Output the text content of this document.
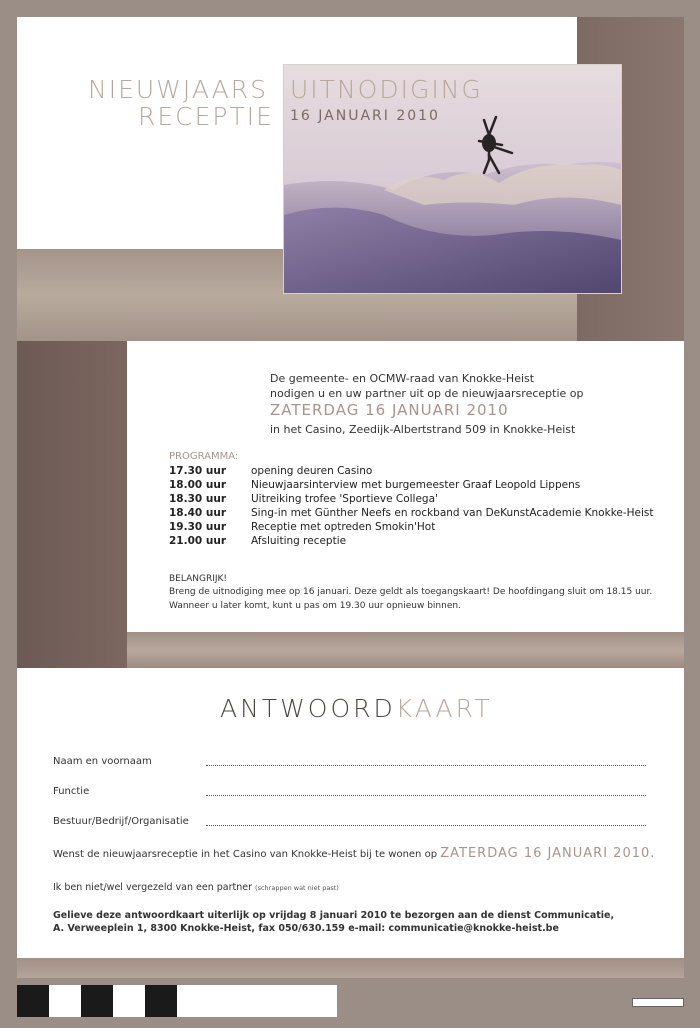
NIEUWJAARS
RECEPTIE
UITNODIGING
16 JANUARI 2010
De gemeente- en OCMW-raad van Knokke-Heist
nodigen u en uw partner uit op de nieuwjaarsreceptie op
ZATERDAG 16 JANUARI 2010
in het Casino, Zeedijk-Albertstrand 509 in Knokke-Heist
PROGRAMMA:
17.30 uur opening deuren Casino
18.00 uur Nieuwjaarsinterview met burgemeester Graaf Leopold Lippens
18.30 uur Uitreiking trofee 'Sportieve Collega'
18.40 uur Sing-in met Günther Neefs en rockband van DeKunstAcademie Knokke-Heist
19.30 uur Receptie met optreden Smokin'Hot
21.00 uur Afsluiting receptie
BELANGRIJK!
Breng de uitnodiging mee op 16 januari. Deze geldt als toegangskaart! De hoofdingang sluit om 18.15 uur.
Wanneer u later komt, kunt u pas om 19.30 uur opnieuw binnen.
ANTWOORDKAART
Naam en voornaam
Functie
Bestuur/Bedrijf/Organisatie
Wenst de nieuwjaarsreceptie in het Casino van Knokke-Heist bij te wonen op ZATERDAG 16 JANUARI 2010.
Ik ben niet/wel vergezeld van een partner (schrappen wat niet past)
Gelieve deze antwoordkaart uiterlijk op vrijdag 8 januari 2010 te bezorgen aan de dienst Communicatie,
A. Verweeplein 1, 8300 Knokke-Heist, fax 050/630.159 e-mail: communicatie@knokke-heist.be
